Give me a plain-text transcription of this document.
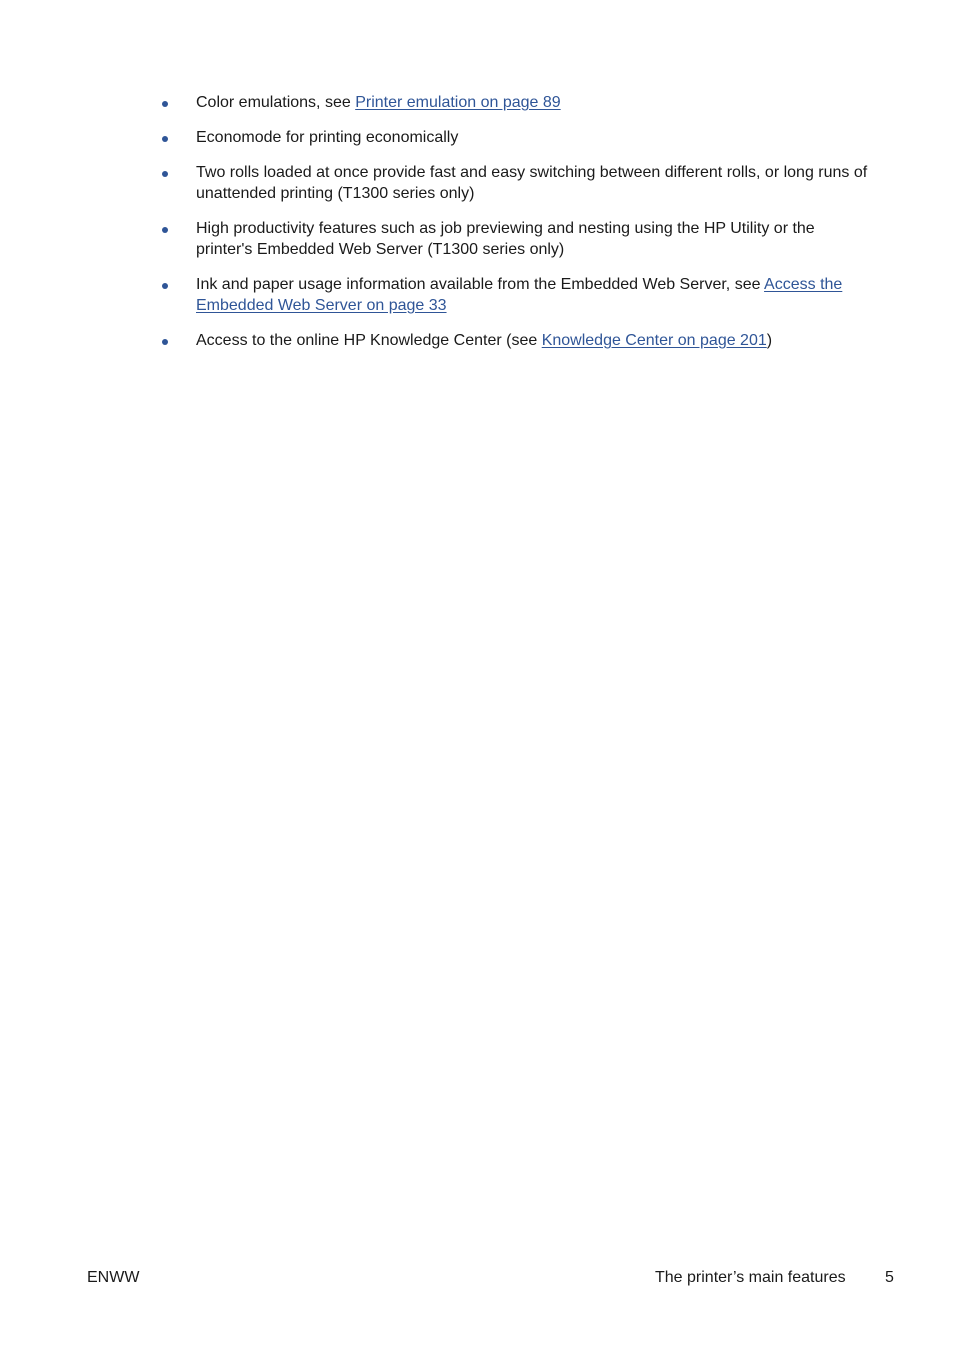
Color emulations, see Printer emulation on page 89
Economode for printing economically
Two rolls loaded at once provide fast and easy switching between different rolls, or long runs of unattended printing (T1300 series only)
High productivity features such as job previewing and nesting using the HP Utility or the printer's Embedded Web Server (T1300 series only)
Ink and paper usage information available from the Embedded Web Server, see Access the Embedded Web Server on page 33
Access to the online HP Knowledge Center (see Knowledge Center on page 201)
ENWW	The printer’s main features 5
